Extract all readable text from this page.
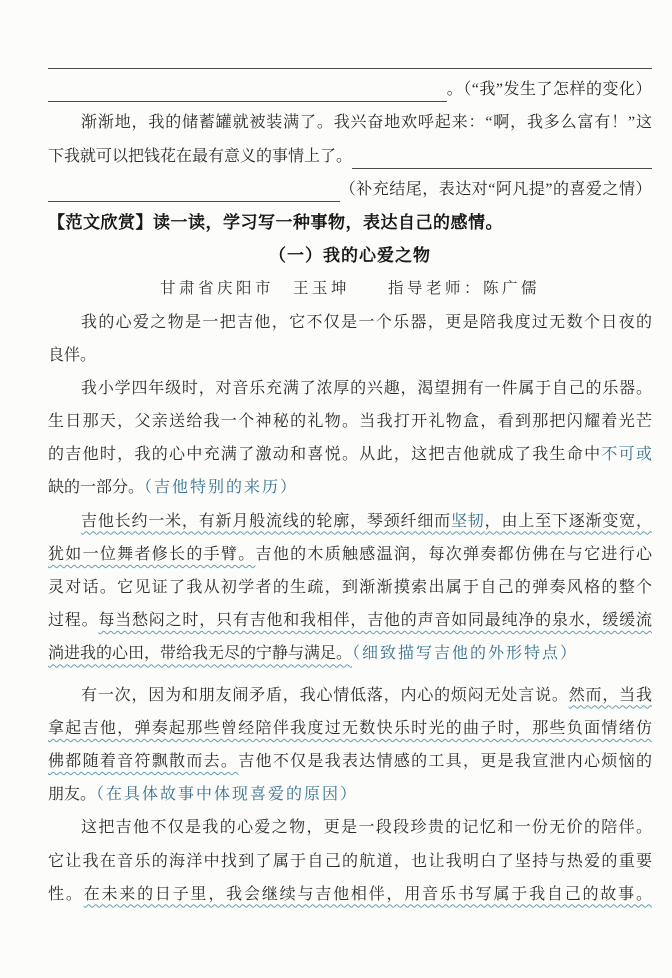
。（“我”发生了怎样的变化）
渐渐地，我的储蓄罐就被装满了。我兴奋地欢呼起来：“啊，我多么富有！”这
下我就可以把钱花在最有意义的事情上了。
（补充结尾，表达对“阿凡提”的喜爱之情）
【范文欣赏】读一读，学习写一种事物，表达自己的感情。
（一）我的心爱之物
甘肃省庆阳市　王玉坤　　指导老师：陈广儒
我的心爱之物是一把吉他，它不仅是一个乐器，更是陪我度过无数个日夜的
良伴。
我小学四年级时，对音乐充满了浓厚的兴趣，渴望拥有一件属于自己的乐器。
生日那天，父亲送给我一个神秘的礼物。当我打开礼物盒，看到那把闪耀着光芒
的吉他时，我的心中充满了激动和喜悦。从此，这把吉他就成了我生命中不可或
缺的一部分。（吉他特别的来历）
吉他长约一米，有新月般流线的轮廓，琴颈纤细而坚韧，由上至下逐渐变宽，
犹如一位舞者修长的手臂。吉他的木质触感温润，每次弹奏都仿佛在与它进行心
灵对话。它见证了我从初学者的生疏，到渐渐摸索出属于自己的弹奏风格的整个
过程。每当愁闷之时，只有吉他和我相伴，吉他的声音如同最纯净的泉水，缓缓流
淌进我的心田，带给我无尽的宁静与满足。（细致描写吉他的外形特点）
有一次，因为和朋友闹矛盾，我心情低落，内心的烦闷无处言说。然而，当我
拿起吉他，弹奏起那些曾经陪伴我度过无数快乐时光的曲子时，那些负面情绪仿
佛都随着音符飘散而去。吉他不仅是我表达情感的工具，更是我宣泄内心烦恼的
朋友。（在具体故事中体现喜爱的原因）
这把吉他不仅是我的心爱之物，更是一段段珍贵的记忆和一份无价的陪伴。
它让我在音乐的海洋中找到了属于自己的航道，也让我明白了坚持与热爱的重要
性。在未来的日子里，我会继续与吉他相伴，用音乐书写属于我自己的故事。
